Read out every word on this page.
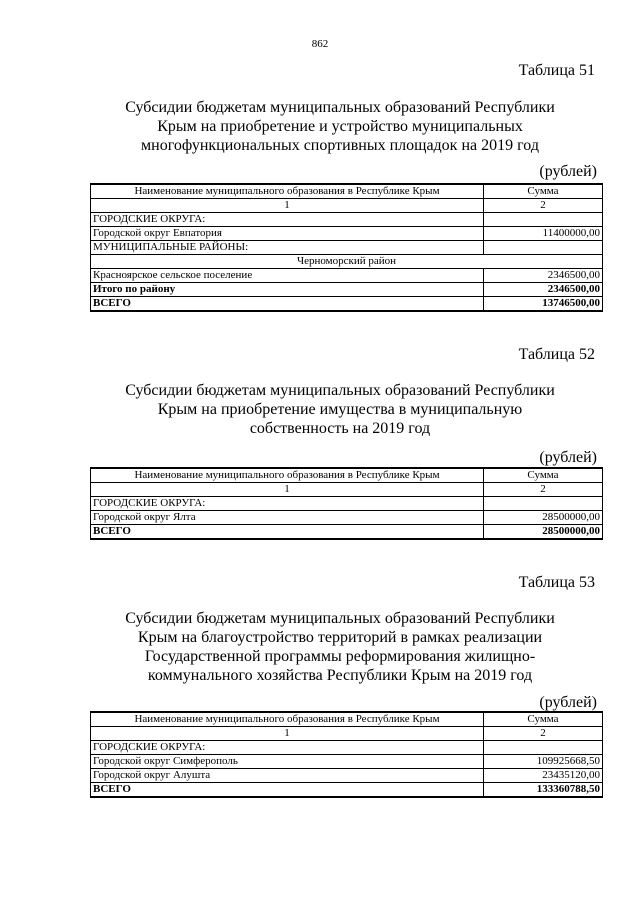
862
Таблица 51
Субсидии бюджетам муниципальных образований Республики
Крым на приобретение и устройство муниципальных
многофункциональных спортивных площадок на 2019 год
(рублей)
Наименование муниципального образования в Республике Крым	Сумма
1	2
ГОРОДСКИЕ ОКРУГА:	
Городской округ Евпатория	11400000,00
МУНИЦИПАЛЬНЫЕ РАЙОНЫ:	
Черноморский район	
Красноярское сельское поселение	2346500,00
Итого по району	2346500,00
ВСЕГО	13746500,00
Таблица 52
Субсидии бюджетам муниципальных образований Республики
Крым на приобретение имущества в муниципальную
собственность на 2019 год
(рублей)
Наименование муниципального образования в Республике Крым	Сумма
1	2
ГОРОДСКИЕ ОКРУГА:	
Городской округ Ялта	28500000,00
ВСЕГО	28500000,00
Таблица 53
Субсидии бюджетам муниципальных образований Республики
Крым на благоустройство территорий в рамках реализации
Государственной программы реформирования жилищно-
коммунального хозяйства Республики Крым на 2019 год
(рублей)
Наименование муниципального образования в Республике Крым	Сумма
1	2
ГОРОДСКИЕ ОКРУГА:	
Городской округ Симферополь	109925668,50
Городской округ Алушта	23435120,00
ВСЕГО	133360788,50
